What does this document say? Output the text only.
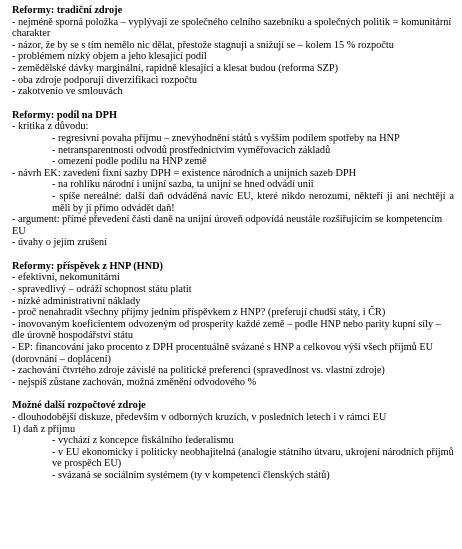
Reformy: tradiční zdroje
- nejméně sporná položka – vyplývají ze společného celního sazebníku a společných politik = komunitární charakter
- názor, že by se s tím nemělo nic dělat, přestože stagnují a snižují se – kolem 15 % rozpočtu
- problémem nízký objem a jeho klesající podíl
- zemědělské dávky marginální, rapidně klesající a klesat budou (reforma SZP)
- oba zdroje podporují diverzifikaci rozpočtu
- zakotvenío ve smlouvách
Reformy: podíl na DPH
- kritika z důvodu:
- regresivní povaha příjmu – znevýhodnění států s vyšším podílem spotřeby na HNP
- netransparentnosti odvodů prostřednictvím vyměřovacích základů
- omezení podle podílu na HNP země
- návrh EK: zavedení fixní sazby DPH = existence národních a unijních sazeb DPH
- na rohlíku národní i unijní sazba, ta unijní se hned odvádí unii
- spíše nereálné: další daň odváděná navíc EU, které nikdo nerozumí, někteří ji ani nechtějí a měli by jí přímo odvádět daň!
- argument: přímé převedení části daně na unijní úroveň odpovídá neustále rozšiřujícím se kompetencím EU
- úvahy o jejím zrušení
Reformy: příspěvek z HNP (HND)
- efektivní, nekomunitární
- spravedlivý – odráží schopnost státu platit
- nízké administrativní náklady
- proč nenahradit všechny příjmy jedním příspěvkem z HNP? (preferují chudší státy, i ČR)
- inovovaným koeficientem odvozeným od prosperity každé země – podle HNP nebo parity kupní síly – dle úrovně hospodářství státu
- EP: financování jako procento z DPH procentuálně svázané s HNP a celkovou výší všech příjmů EU (dorovnání – doplácení)
- zachování čtvrtého zdroje závislé na politické preferenci (spravedlnost vs. vlastní zdroje)
- nejspíš zůstane zachován, možná změnění odvodového %
Možné další rozpočtové zdroje
- dlouhodobější diskuze, především v odborných kruzích, v posledních letech i v rámci EU
1) daň z příjmu
- vychází z koncepce fiskálního federalismu
- v EU ekonomicky i politicky neobhajitelná (analogie státního útvaru, ukrojení národních příjmů ve prospěch EU)
- svázaná se sociálním systémem (ty v kompetenci členských států)
